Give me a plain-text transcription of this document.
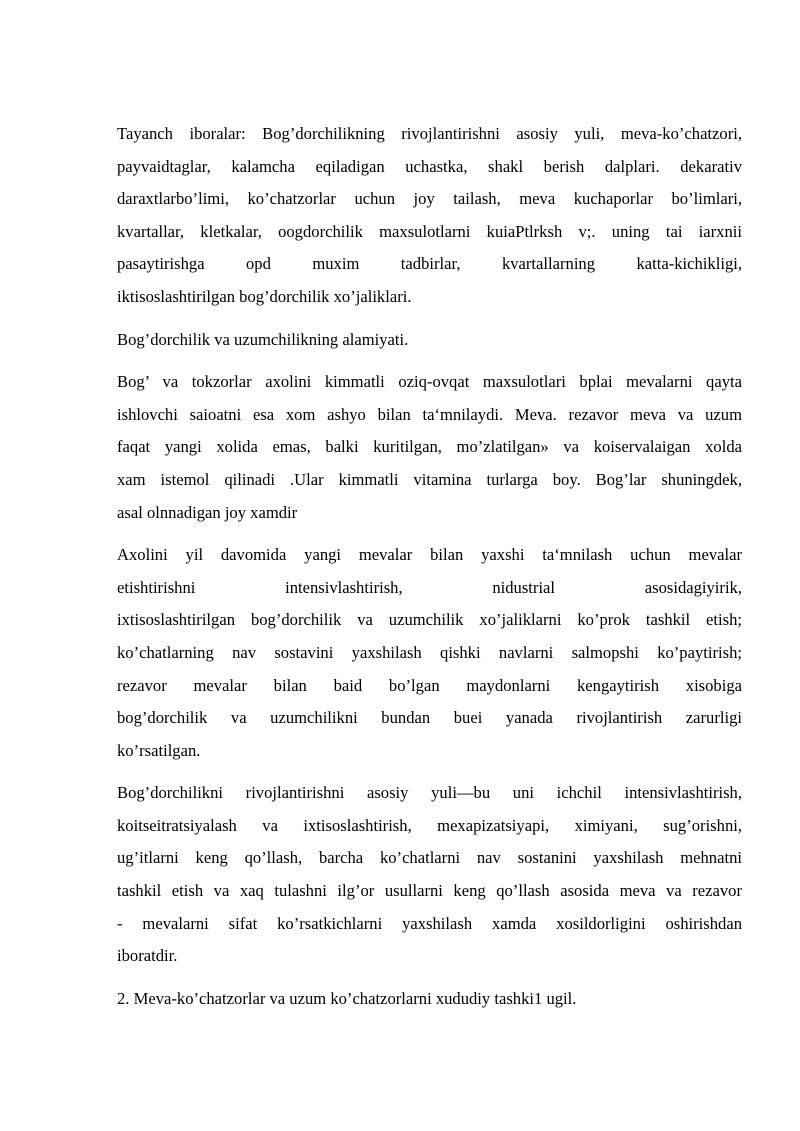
Tayanch iboralar: Bog’dorchilikning rivojlantirishni asosiy yuli, meva-ko’chatzori,
payvaidtaglar, kalamcha eqiladigan uchastka, shakl berish dalplari. dekarativ
daraxtlarbo’limi, ko’chatzorlar uchun joy tailash, meva kuchaporlar bo’limlari,
kvartallar, kletkalar, oogdorchilik maxsulotlarni kuiaPtlrksh v;. uning tai iarxnii
pasaytirishga opd muxim tadbirlar, kvartallarning katta-kichikligi,
iktisoslashtirilgan bog’dorchilik xo’jaliklari.

Bog’dorchilik va uzumchilikning alamiyati.

Bog’ va tokzorlar axolini kimmatli oziq-ovqat maxsulotlari bplai mevalarni qayta
ishlovchi saioatni esa xom ashyo bilan ta‘mnilaydi. Meva. rezavor meva va uzum
faqat yangi xolida emas, balki kuritilgan, mo’zlatilgan» va koiservalaigan xolda
xam istemol qilinadi .Ular kimmatli vitamina turlarga boy. Bog’lar shuningdek,
asal olnnadigan joy xamdir

Axolini yil davomida yangi mevalar bilan yaxshi ta‘mnilash uchun mevalar
etishtirishni intensivlashtirish, nidustrial asosidagiyirik,
ixtisoslashtirilgan bog’dorchilik va uzumchilik xo’jaliklarni ko’prok tashkil etish;
ko’chatlarning nav sostavini yaxshilash qishki navlarni salmopshi ko’paytirish;
rezavor mevalar bilan baid bo’lgan maydonlarni kengaytirish xisobiga
bog’dorchilik va uzumchilikni bundan buei yanada rivojlantirish zarurligi
ko’rsatilgan.

Bog’dorchilikni rivojlantirishni asosiy yuli—bu uni ichchil intensivlashtirish,
koitseitratsiyalash va ixtisoslashtirish, mexapizatsiyapi, ximiyani, sug’orishni,
ug’itlarni keng qo’llash, barcha ko’chatlarni nav sostanini yaxshilash mehnatni
tashkil etish va xaq tulashni ilg’or usullarni keng qo’llash asosida meva va rezavor
- mevalarni sifat ko’rsatkichlarni yaxshilash xamda xosildorligini oshirishdan
iboratdir.

2. Meva-ko’chatzorlar va uzum ko’chatzorlarni xududiy tashki1 ugil.
